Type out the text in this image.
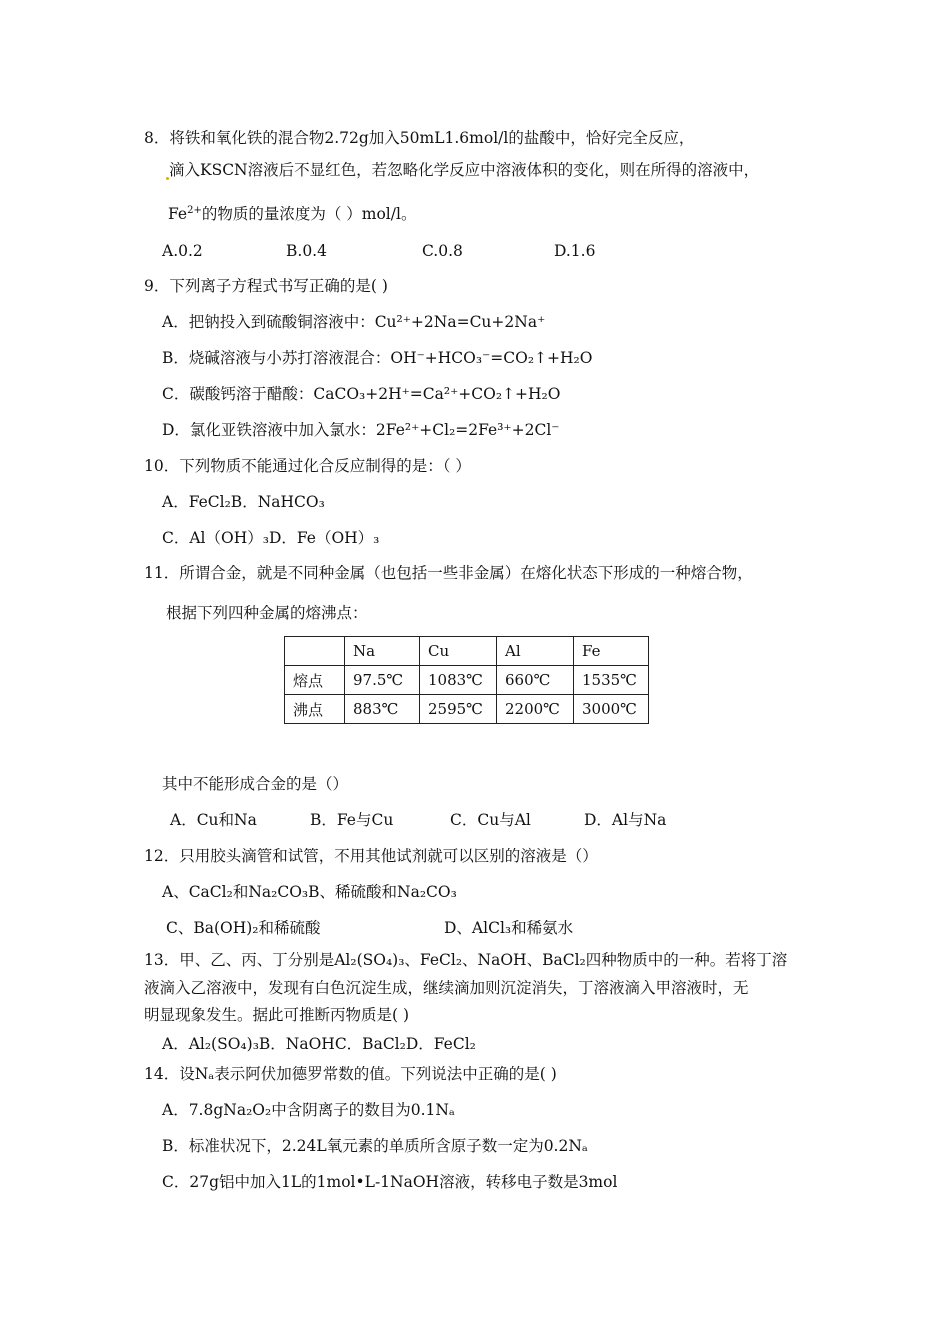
8．将铁和氧化铁的混合物2.72g加入50mL1.6mol/l的盐酸中，恰好完全反应，
滴入KSCN溶液后不显红色，若忽略化学反应中溶液体积的变化，则在所得的溶液中，
$Fe^{2+}$的物质的量浓度为（ ）mol/l。
A.0.2	B.0.4	C.0.8	D.1.6
9．下列离子方程式书写正确的是( )
A．把钠投入到硫酸铜溶液中：Cu²⁺+2Na=Cu+2Na⁺
B．烧碱溶液与小苏打溶液混合：OH⁻+HCO₃⁻=CO₂↑+H₂O
C．碳酸钙溶于醋酸：CaCO₃+2H⁺=Ca²⁺+CO₂↑+H₂O
D．氯化亚铁溶液中加入氯水：2Fe²⁺+Cl₂=2Fe³⁺+2Cl⁻
10．下列物质不能通过化合反应制得的是：（ ）
A．FeCl₂B．NaHCO₃
C．Al（OH）₃D．Fe（OH）₃
11．所谓合金，就是不同种金属（也包括一些非金属）在熔化状态下形成的一种熔合物，
根据下列四种金属的熔沸点：
	Na	Cu	Al	Fe
熔点	97.5℃	1083℃	660℃	1535℃
沸点	883℃	2595℃	2200℃	3000℃
其中不能形成合金的是（）
A．Cu和Na	B．Fe与Cu	C．Cu与Al	D．Al与Na
12．只用胶头滴管和试管，不用其他试剂就可以区别的溶液是（）
A、CaCl₂和Na₂CO₃B、稀硫酸和Na₂CO₃
C、Ba(OH)₂和稀硫酸	D、AlCl₃和稀氨水
13．甲、乙、丙、丁分别是Al₂(SO₄)₃、FeCl₂、NaOH、BaCl₂四种物质中的一种。若将丁溶
液滴入乙溶液中，发现有白色沉淀生成，继续滴加则沉淀消失，丁溶液滴入甲溶液时，无
明显现象发生。据此可推断丙物质是( )
A．Al₂(SO₄)₃B．NaOHC．BaCl₂D．FeCl₂
14．设Nₐ表示阿伏加德罗常数的值。下列说法中正确的是( )
A．7.8gNa₂O₂中含阴离子的数目为0.1Nₐ
B．标准状况下，2.24L氧元素的单质所含原子数一定为0.2Nₐ
C．27g铝中加入1L的1mol•L-1NaOH溶液，转移电子数是3mol
